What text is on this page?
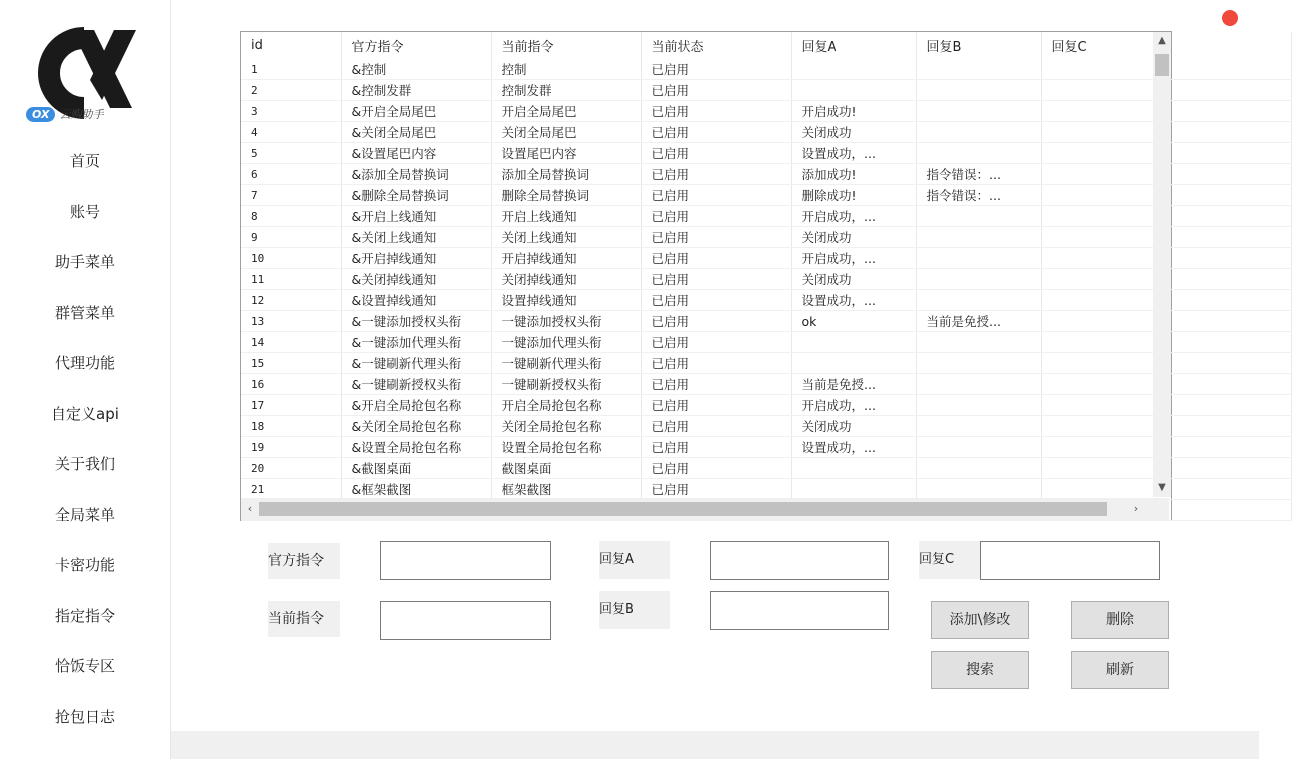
OX 云购助手
首页
账号
助手菜单
群管菜单
代理功能
自定义api
关于我们
全局菜单
卡密功能
指定指令
恰饭专区
抢包日志
id	官方指令	当前指令	当前状态	回复A	回复B	回复C
1	&控制	控制	已启用			
2	&控制发群	控制发群	已启用			
3	&开启全局尾巴	开启全局尾巴	已启用	开启成功!		
4	&关闭全局尾巴	关闭全局尾巴	已启用	关闭成功		
5	&设置尾巴内容	设置尾巴内容	已启用	设置成功，...		
6	&添加全局替换词	添加全局替换词	已启用	添加成功!	指令错误：...	
7	&删除全局替换词	删除全局替换词	已启用	删除成功!	指令错误：...	
8	&开启上线通知	开启上线通知	已启用	开启成功，...		
9	&关闭上线通知	关闭上线通知	已启用	关闭成功		
10	&开启掉线通知	开启掉线通知	已启用	开启成功，...		
11	&关闭掉线通知	关闭掉线通知	已启用	关闭成功		
12	&设置掉线通知	设置掉线通知	已启用	设置成功，...		
13	&一键添加授权头衔	一键添加授权头衔	已启用	ok	当前是免授...	
14	&一键添加代理头衔	一键添加代理头衔	已启用			
15	&一键刷新代理头衔	一键刷新代理头衔	已启用			
16	&一键刷新授权头衔	一键刷新授权头衔	已启用	当前是免授...		
17	&开启全局抢包名称	开启全局抢包名称	已启用	开启成功，...		
18	&关闭全局抢包名称	关闭全局抢包名称	已启用	关闭成功		
19	&设置全局抢包名称	设置全局抢包名称	已启用	设置成功，...		
20	&截图桌面	截图桌面	已启用			
21	&框架截图	框架截图	已启用			

▲
▼
‹	›
官方指令
当前指令
回复A
回复B
回复C
添加\修改	删除
搜索	刷新
